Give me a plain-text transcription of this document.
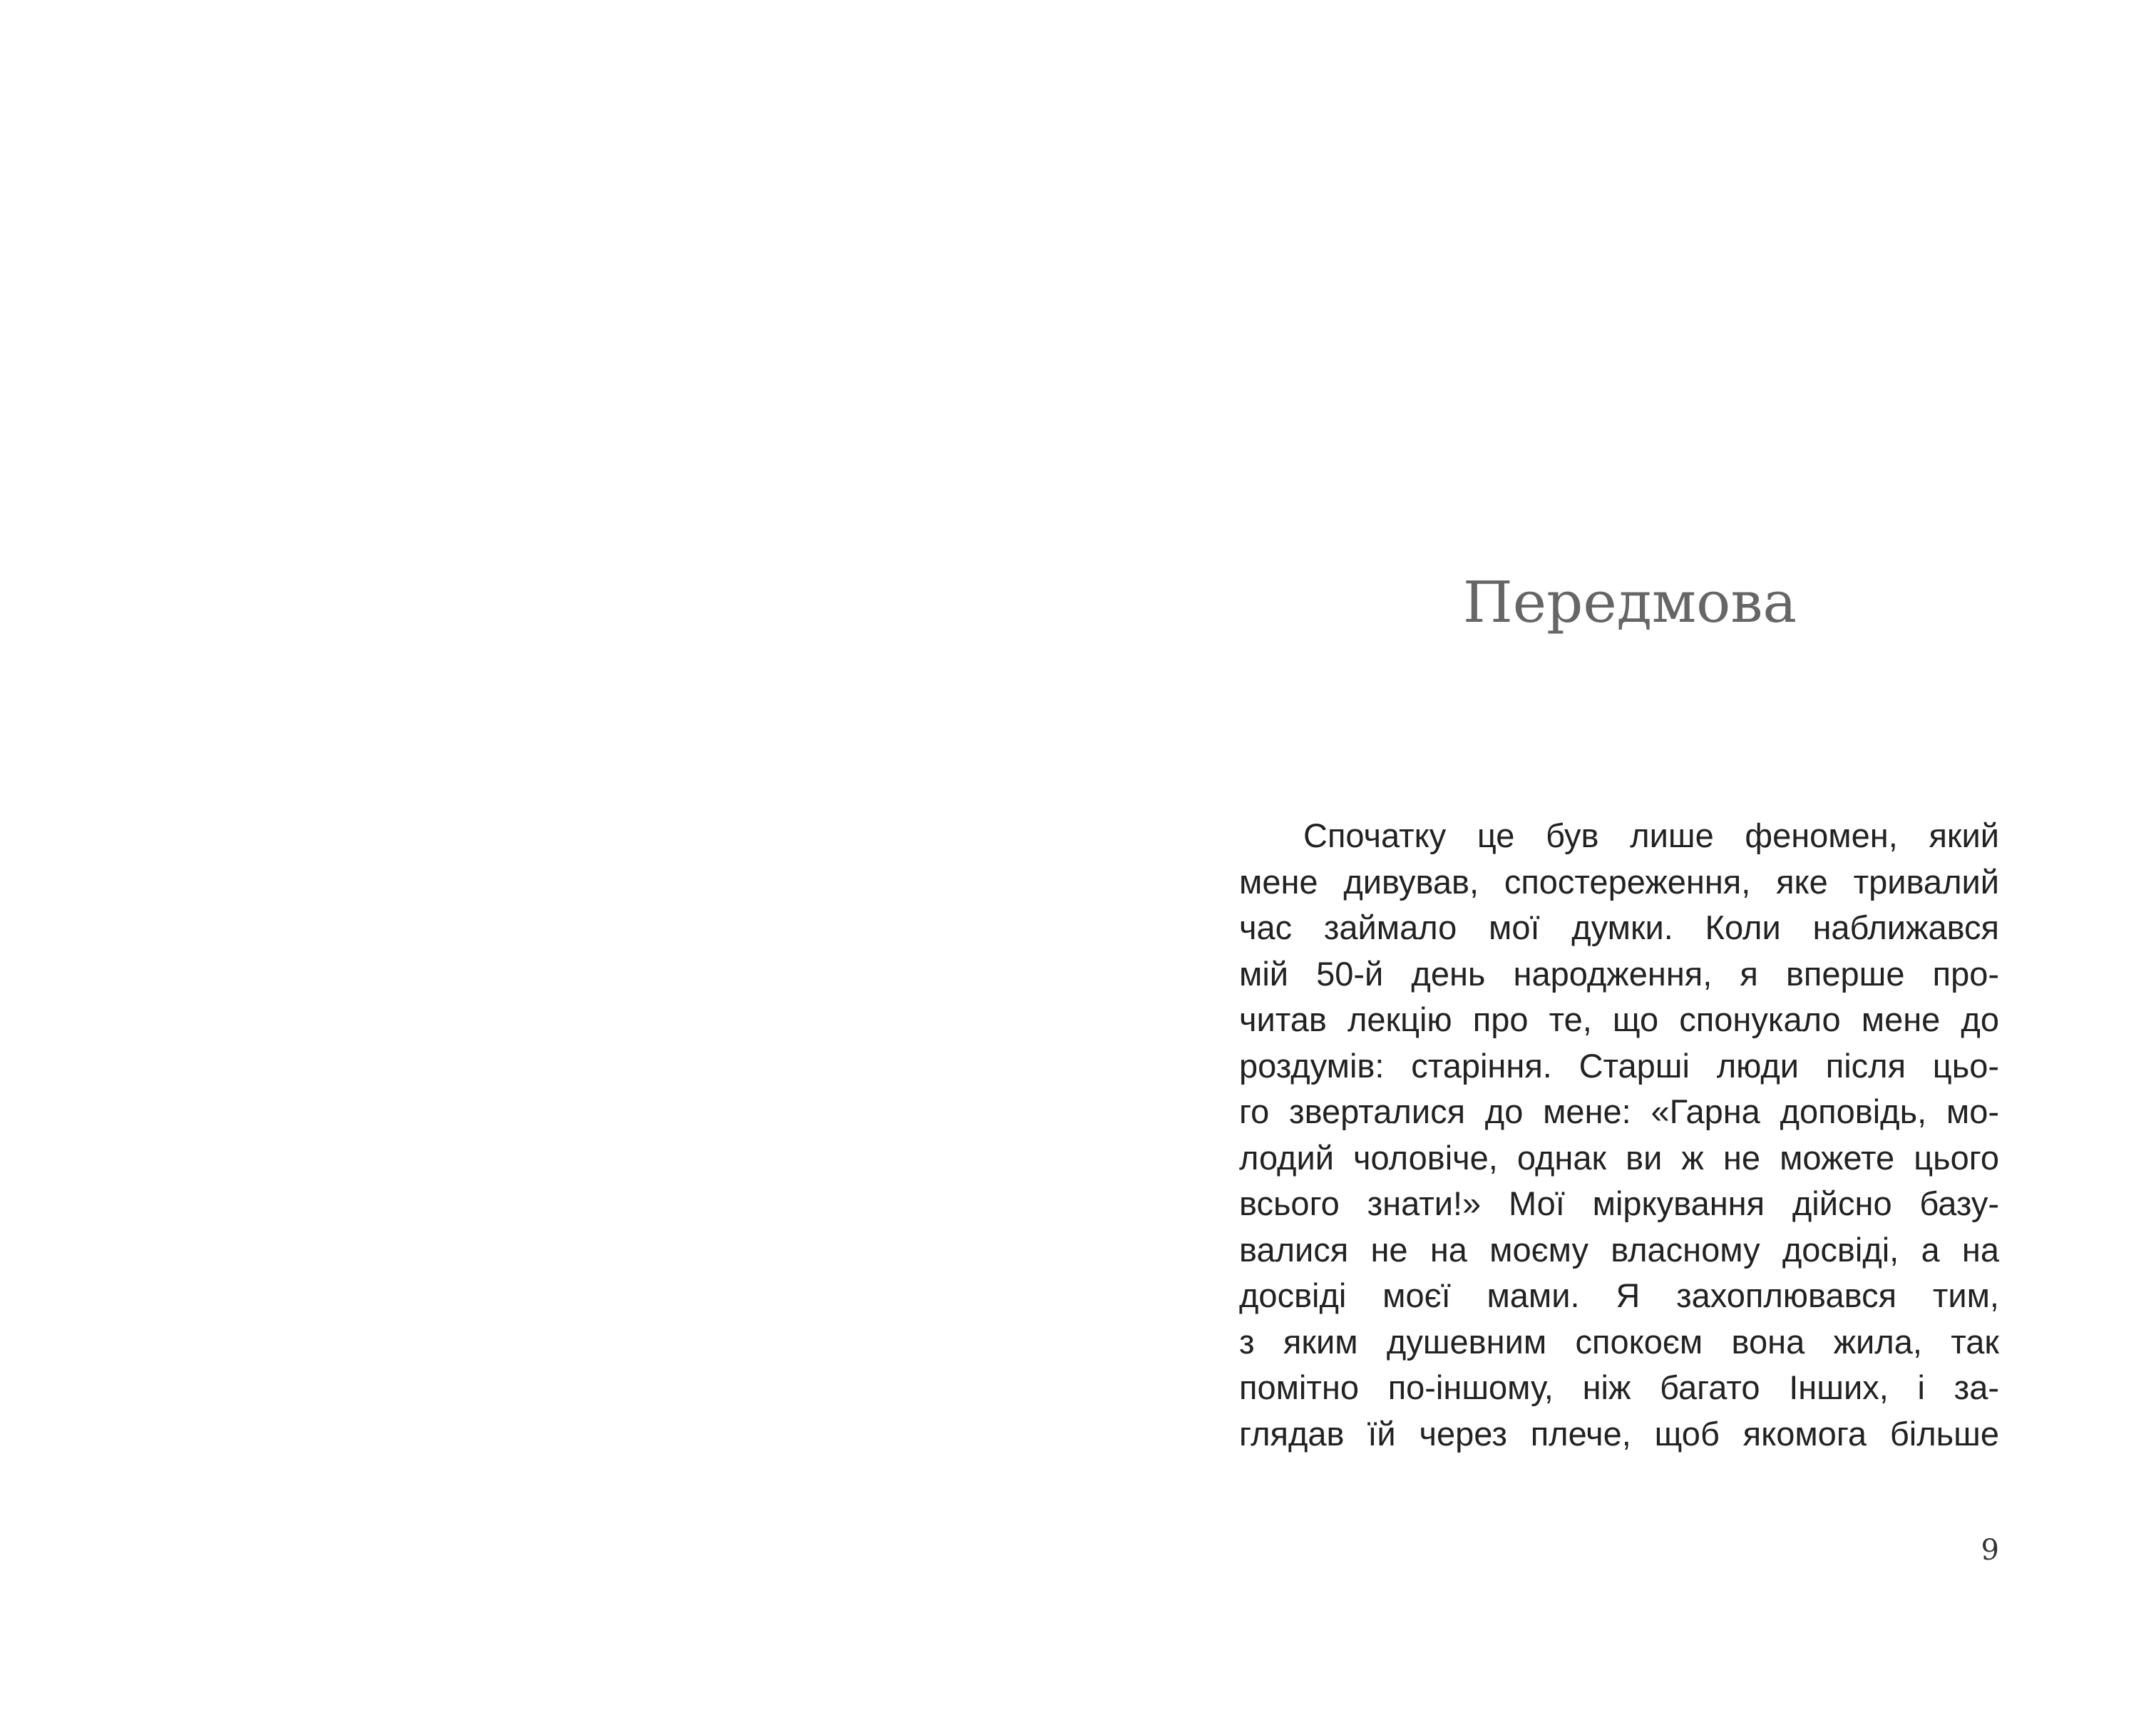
Передмова
Спочатку це був лише феномен, який
мене дивував, спостереження, яке тривалий
час займало мої думки. Коли наближався
мій 50-й день народження, я вперше про-
читав лекцію про те, що спонукало мене до
роздумів: старіння. Старші люди після цьо-
го зверталися до мене: «Гарна доповідь, мо-
лодий чоловіче, однак ви ж не можете цього
всього знати!» Мої міркування дійсно базу-
валися не на моєму власному досвіді, а на
досвіді моєї мами. Я захоплювався тим,
з яким душевним спокоєм вона жила, так
помітно по-іншому, ніж багато Інших, і за-
глядав їй через плече, щоб якомога більше
9
